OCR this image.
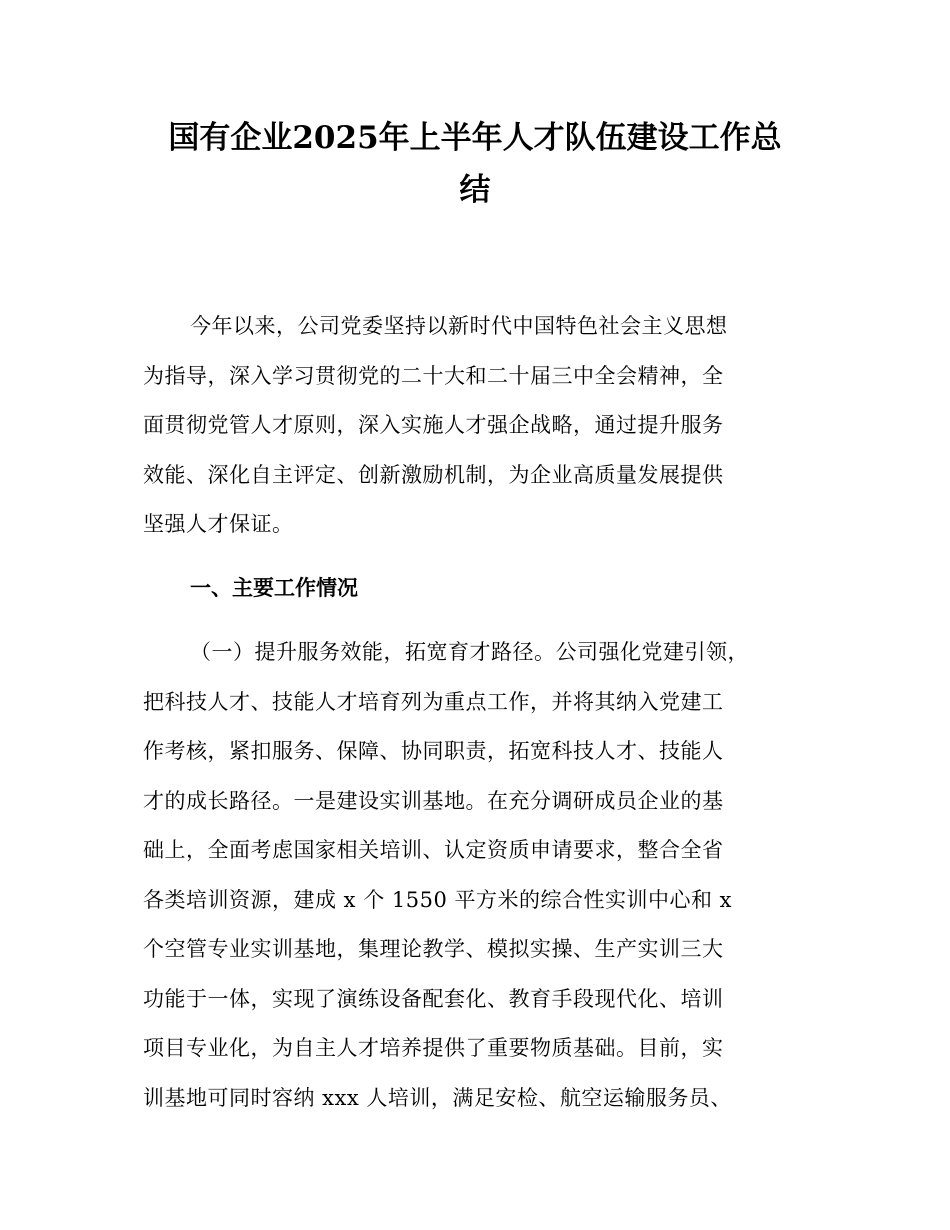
国有企业2025年上半年人才队伍建设工作总
结

今年以来，公司党委坚持以新时代中国特色社会主义思想

为指导，深入学习贯彻党的二十大和二十届三中全会精神，全

面贯彻党管人才原则，深入实施人才强企战略，通过提升服务

效能、深化自主评定、创新激励机制，为企业高质量发展提供

坚强人才保证。

一、主要工作情况

（一）提升服务效能，拓宽育才路径。公司强化党建引领，

把科技人才、技能人才培育列为重点工作，并将其纳入党建工

作考核，紧扣服务、保障、协同职责，拓宽科技人才、技能人

才的成长路径。一是建设实训基地。在充分调研成员企业的基

础上，全面考虑国家相关培训、认定资质申请要求，整合全省

各类培训资源，建成 x 个 1550 平方米的综合性实训中心和 x

个空管专业实训基地，集理论教学、模拟实操、生产实训三大

功能于一体，实现了演练设备配套化、教育手段现代化、培训

项目专业化，为自主人才培养提供了重要物质基础。目前，实

训基地可同时容纳 xxx 人培训，满足安检、航空运输服务员、
